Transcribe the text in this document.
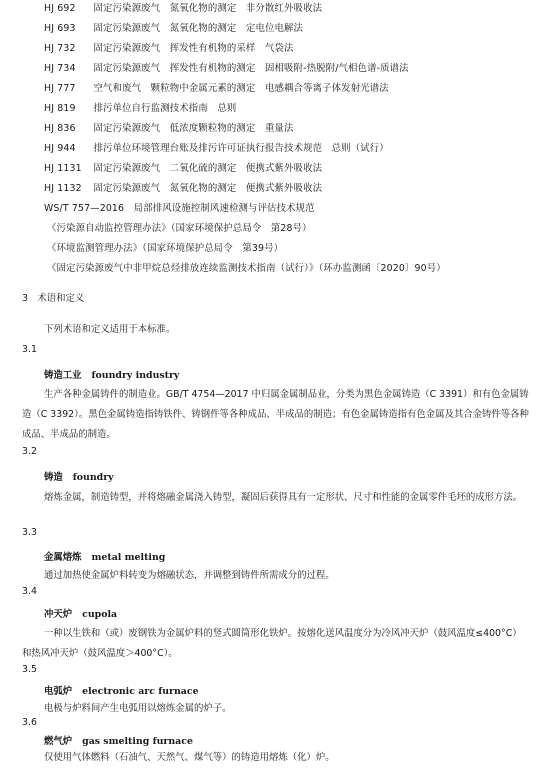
HJ 692　 固定污染源废气　氮氧化物的测定　非分散红外吸收法
HJ 693　 固定污染源废气　氮氧化物的测定　定电位电解法
HJ 732　 固定污染源废气　挥发性有机物的采样　气袋法
HJ 734　 固定污染源废气　挥发性有机物的测定　固相吸附-热脱附/气相色谱-质谱法
HJ 777　 空气和废气　颗粒物中金属元素的测定　电感耦合等离子体发射光谱法
HJ 819　 排污单位自行监测技术指南　总则
HJ 836　 固定污染源废气　低浓度颗粒物的测定　重量法
HJ 944　 排污单位环境管理台账及排污许可证执行报告技术规范　总则（试行）
HJ 1131　 固定污染源废气　二氧化硫的测定　便携式紫外吸收法
HJ 1132　 固定污染源废气　氮氧化物的测定　便携式紫外吸收法
WS/T 757—2016　 局部排风设施控制风速检测与评估技术规范
《污染源自动监控管理办法》（国家环境保护总局令　第28号）
《环境监测管理办法》（国家环境保护总局令　第39号）
《固定污染源废气中非甲烷总烃排放连续监测技术指南（试行）》（环办监测函〔2020〕90号）
3　 术语和定义
下列术语和定义适用于本标准。
3.1
铸造工业 foundry industry
生产各种金属铸件的制造业。GB/T 4754—2017 中归属金属制品业，分类为黑色金属铸造（C 3391）和有色金属铸造（C 3392）。黑色金属铸造指铸铁件、铸钢件等各种成品、半成品的制造；有色金属铸造指有色金属及其合金铸件等各种成品、半成品的制造。
3.2
铸造 foundry
熔炼金属，制造铸型，并将熔融金属浇入铸型，凝固后获得具有一定形状、尺寸和性能的金属零件毛坯的成形方法。
3.3
金属熔炼 metal melting
通过加热使金属炉料转变为熔融状态，并调整到铸件所需成分的过程。
3.4
冲天炉 cupola
一种以生铁和（或）废钢铁为金属炉料的竖式圆筒形化铁炉。按熔化送风温度分为冷风冲天炉（鼓风温度≤400°C）和热风冲天炉（鼓风温度＞400°C）。
3.5
电弧炉 electronic arc furnace
电极与炉料间产生电弧用以熔炼金属的炉子。
3.6
燃气炉 gas smelting furnace
仅使用气体燃料（石油气、天然气、煤气等）的铸造用熔炼（化）炉。
